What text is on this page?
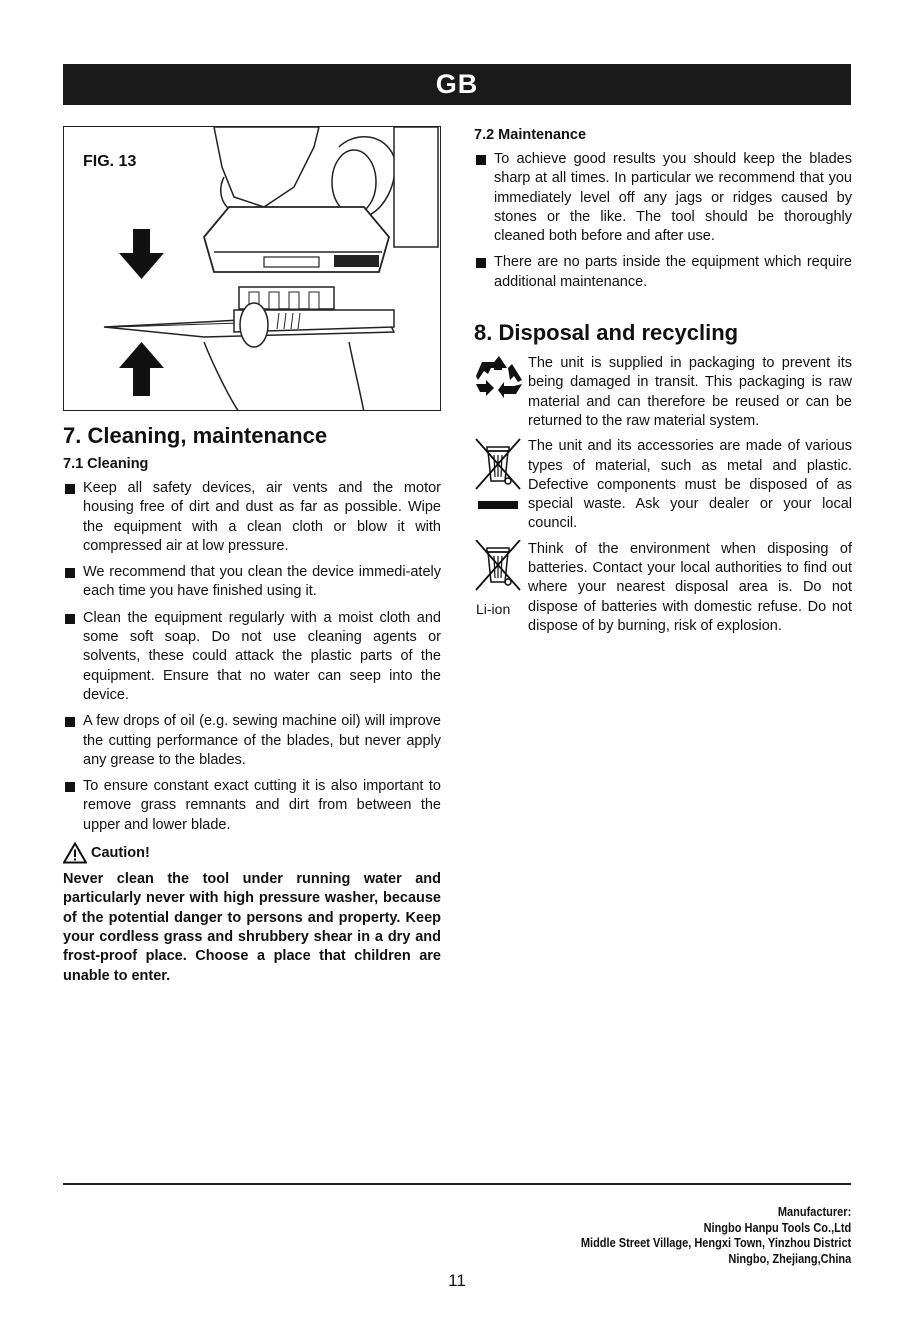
GB
FIG. 13
7. Cleaning, maintenance
7.1 Cleaning
Keep all safety devices, air vents and the motor housing free of dirt and dust as far as possible. Wipe the equipment with a clean cloth or blow it with compressed air at low pressure.
We recommend that you clean the device immedi-ately each time you have finished using it.
Clean the equipment regularly with a moist cloth and some soft soap. Do not use cleaning agents or solvents, these could attack the plastic parts of the equipment. Ensure that no water can seep into the device.
A few drops of oil (e.g. sewing machine oil) will improve the cutting performance of the blades, but never apply any grease to the blades.
To ensure constant exact cutting it is also important to remove grass remnants and dirt from between the upper and lower blade.
Caution!
Never clean the tool under running water and particularly never with high pressure washer, because of the potential danger to persons and property. Keep your cordless grass and shrubbery shear in a dry and frost-proof place. Choose a place that children are unable to enter.
7.2 Maintenance
To achieve good results you should keep the blades sharp at all times. In particular we recommend that you immediately level off any jags or ridges caused by stones or the like. The tool should be thoroughly cleaned both before and after use.
There are no parts inside the equipment which require additional maintenance.
8. Disposal and recycling
The unit is supplied in packaging to prevent its being damaged in transit. This packaging is raw material and can therefore be reused or can be returned to the raw material system.
The unit and its accessories are made of various types of material, such as metal and plastic. Defective components must be disposed of as special waste. Ask your dealer or your local council.
Li-ion
Think of the environment when disposing of batteries. Contact your local authorities to find out where your nearest disposal area is. Do not dispose of batteries with domestic refuse. Do not dispose of by burning, risk of explosion.
Manufacturer:
Ningbo Hanpu Tools Co.,Ltd
Middle Street Village, Hengxi Town, Yinzhou District
Ningbo, Zhejiang,China
11
